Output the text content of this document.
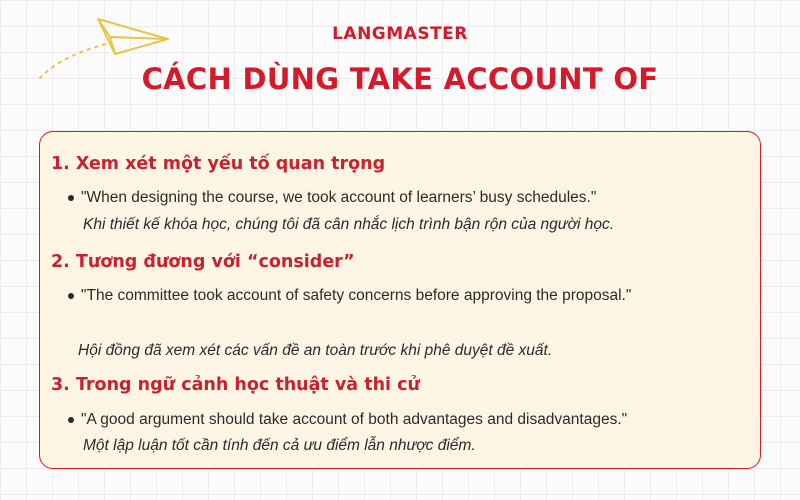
LANGMASTER
CÁCH DÙNG TAKE ACCOUNT OF
1. Xem xét một yếu tố quan trọng
"When designing the course, we took account of learners’ busy schedules."
Khi thiết kế khóa học, chúng tôi đã cân nhắc lịch trình bận rộn của người học.
2. Tương đương với “consider”
"The committee took account of safety concerns before approving the proposal."
Hội đồng đã xem xét các vấn đề an toàn trước khi phê duyệt đề xuất.
3. Trong ngữ cảnh học thuật và thi cử
"A good argument should take account of both advantages and disadvantages."
Một lập luận tốt cần tính đến cả ưu điểm lẫn nhược điểm.
